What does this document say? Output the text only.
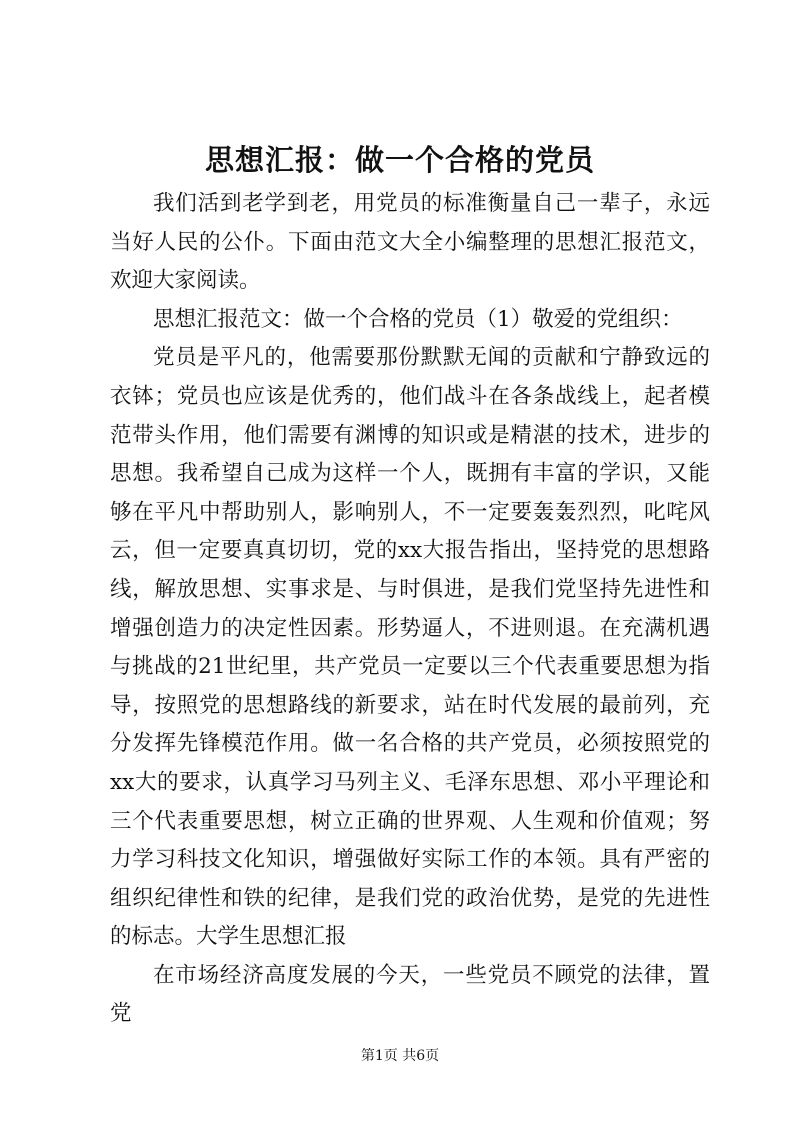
思想汇报：做一个合格的党员

我们活到老学到老，用党员的标准衡量自己一辈子，永远当好人民的公仆。下面由范文大全小编整理的思想汇报范文，欢迎大家阅读。

思想汇报范文：做一个合格的党员（1）敬爱的党组织：

党员是平凡的，他需要那份默默无闻的贡献和宁静致远的衣钵；党员也应该是优秀的，他们战斗在各条战线上，起者模范带头作用，他们需要有渊博的知识或是精湛的技术，进步的思想。我希望自己成为这样一个人，既拥有丰富的学识，又能够在平凡中帮助别人，影响别人，不一定要轰轰烈烈，叱咤风云，但一定要真真切切，党的xx大报告指出，坚持党的思想路线，解放思想、实事求是、与时俱进，是我们党坚持先进性和增强创造力的决定性因素。形势逼人，不进则退。在充满机遇与挑战的21世纪里，共产党员一定要以三个代表重要思想为指导，按照党的思想路线的新要求，站在时代发展的最前列，充分发挥先锋模范作用。做一名合格的共产党员，必须按照党的xx大的要求，认真学习马列主义、毛泽东思想、邓小平理论和三个代表重要思想，树立正确的世界观、人生观和价值观；努力学习科技文化知识，增强做好实际工作的本领。具有严密的组织纪律性和铁的纪律，是我们党的政治优势，是党的先进性的标志。大学生思想汇报

在市场经济高度发展的今天，一些党员不顾党的法律，置党

第1页 共6页
